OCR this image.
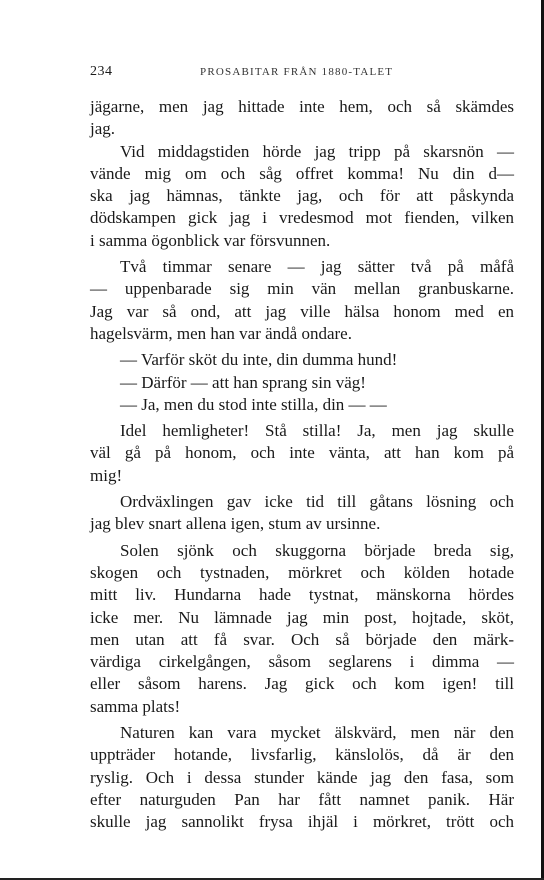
234	PROSABITAR FRÅN 1880-TALET

jägarne, men jag hittade inte hem, och så skämdes
jag.

Vid middagstiden hörde jag tripp på skarsnön —

vände mig om och såg offret komma! Nu din d—
ska jag hämnas, tänkte jag, och för att påskynda
dödskampen gick jag i vredesmod mot fienden, vilken
i samma ögonblick var försvunnen.

Två timmar senare — jag sätter två på måfå

— uppenbarade sig min vän mellan granbuskarne.
Jag var så ond, att jag ville hälsa honom med en
hagelsvärm, men han var ändå ondare.

— Varför sköt du inte, din dumma hund!

— Därför — att han sprang sin väg!

— Ja, men du stod inte stilla, din — —

Idel hemligheter! Stå stilla! Ja, men jag skulle

väl gå på honom, och inte vänta, att han kom på
mig!

Ordväxlingen gav icke tid till gåtans lösning och

jag blev snart allena igen, stum av ursinne.

Solen sjönk och skuggorna började breda sig,

skogen och tystnaden, mörkret och kölden hotade
mitt liv. Hundarna hade tystnat, mänskorna hördes
icke mer. Nu lämnade jag min post, hojtade, sköt,
men utan att få svar. Och så började den märk-
värdiga cirkelgången, såsom seglarens i dimma —
eller såsom harens. Jag gick och kom igen! till
samma plats!

Naturen kan vara mycket älskvärd, men när den

uppträder hotande, livsfarlig, känslolös, då är den
ryslig. Och i dessa stunder kände jag den fasa, som
efter naturguden Pan har fått namnet panik. Här
skulle jag sannolikt frysa ihjäl i mörkret, trött och
